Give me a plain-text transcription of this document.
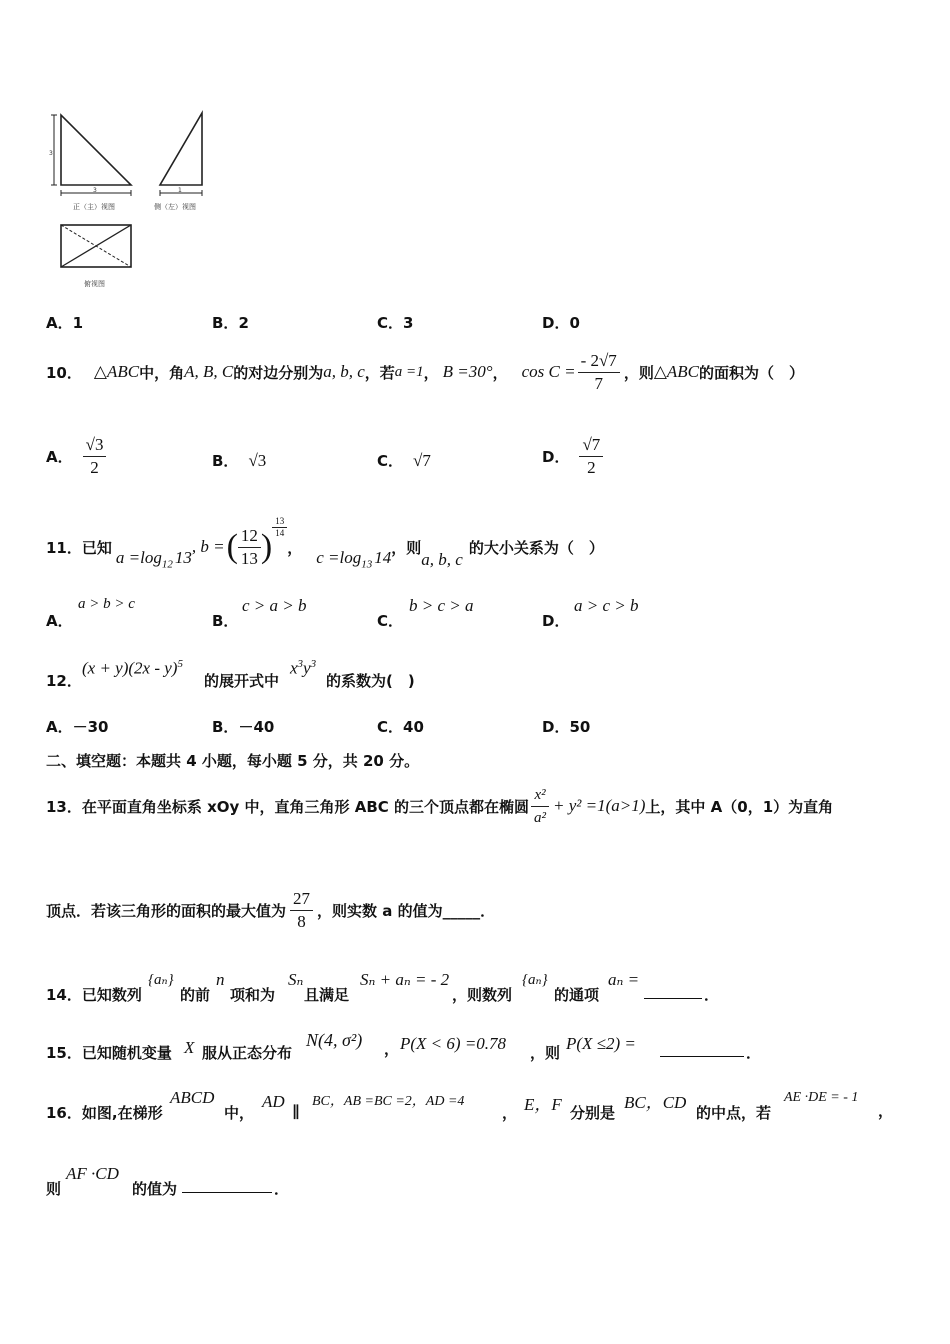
3
3
正（主）视图
1
侧（左）视图
俯视图
A．1	B．2	C．3	D．0
10． △ABC 中，角 A, B, C 的对边分别为 a, b, c ，若 a =1 ， B =30° ， $\cos C = \frac{- 2√7}{7}$ ，则 △ABC 的面积为（　）
A． $\frac{√3}{2}$	B． √3	C． √7	D． $\frac{√7}{2}$
11． 已知
$a =\log_{12}$ 13
, b = ( $\frac{12}{13}$ )
$\frac{13}{14}$
，
$c =\log_{13}$ 14
，则
a, b, c
的大小关系为（　）
A．
a > b > c
B．
c > a > b
C．
b > c > a
D．
a > c > b
12．
(x + y)(2x - y)$^5$
的展开式中
$x^3y^3$
的系数为(　)
A．－30	B．－40	C．40	D．50
二、填空题：本题共 4 小题，每小题 5 分，共 20 分。
13．在平面直角坐标系 xOy 中，直角三角形 ABC 的三个顶点都在椭圆 $\frac{\text{x²}}{\text{a²}} + y^2 =1(a>1)$ 上，其中 A（0，1）为直角
顶点．若该三角形的面积的最大值为 $\frac{27}{8}$ ，则实数 a 的值为_____．
14．已知数列
{aₙ}
的前
n
项和为
Sₙ
且满足
Sₙ + aₙ = - 2
，则数列
{aₙ}
的通项
aₙ =
．
15．已知随机变量 X 服从正态分布
N(4, σ²) ， P(X < 6) =0.78 ，则 P(X ≤2) =	．
16．如图,在梯形
ABCD
中，
AD ∥
BC，AB =BC =2，AD =4
， E，F 分别是
BC，CD
的中点，若
AE ·DE = - 1
，
则
AF ·CD
的值为	．
